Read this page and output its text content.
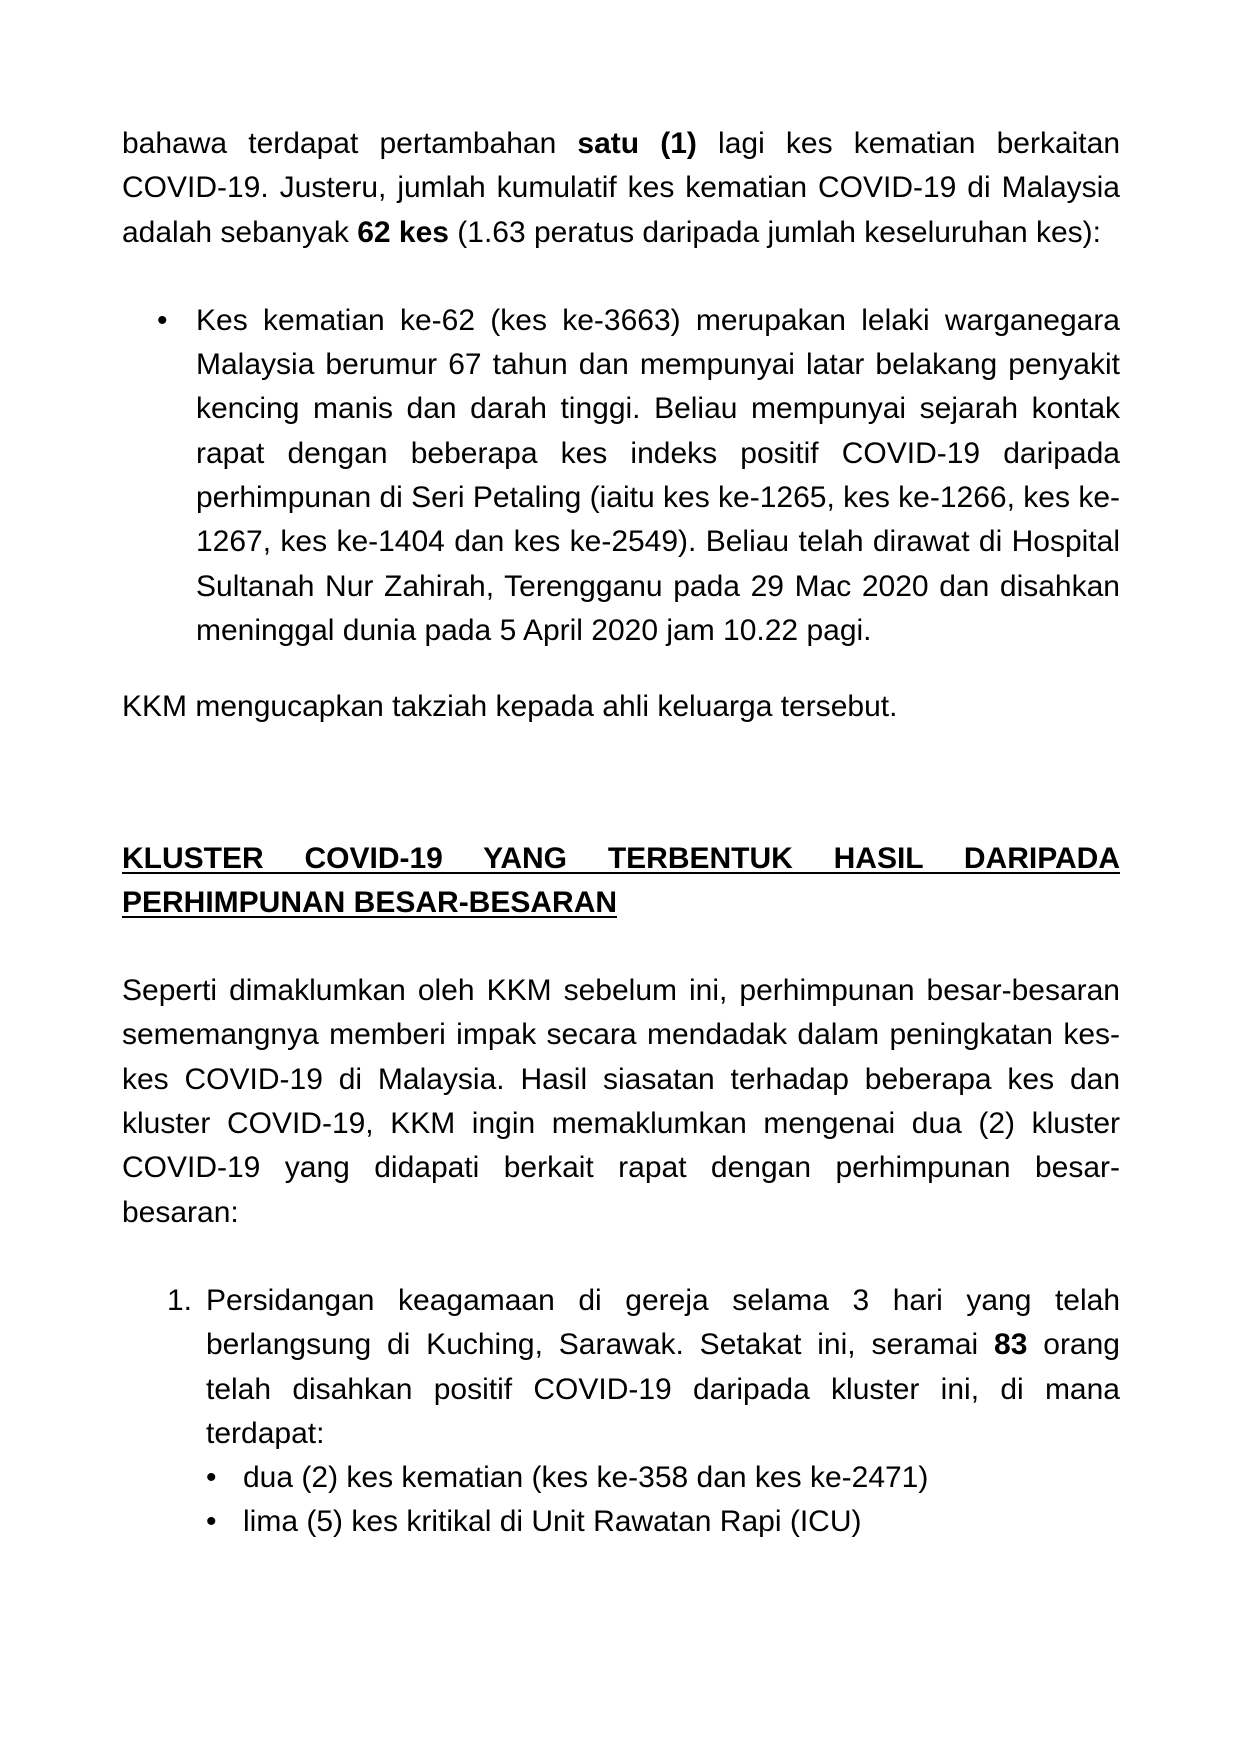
bahawa terdapat pertambahan satu (1) lagi kes kematian berkaitan COVID-19. Justeru, jumlah kumulatif kes kematian COVID-19 di Malaysia adalah sebanyak 62 kes (1.63 peratus daripada jumlah keseluruhan kes):

• Kes kematian ke-62 (kes ke-3663) merupakan lelaki warganegara Malaysia berumur 67 tahun dan mempunyai latar belakang penyakit kencing manis dan darah tinggi. Beliau mempunyai sejarah kontak rapat dengan beberapa kes indeks positif COVID-19 daripada perhimpunan di Seri Petaling (iaitu kes ke-1265, kes ke-1266, kes ke-1267, kes ke-1404 dan kes ke-2549). Beliau telah dirawat di Hospital Sultanah Nur Zahirah, Terengganu pada 29 Mac 2020 dan disahkan meninggal dunia pada 5 April 2020 jam 10.22 pagi.

KKM mengucapkan takziah kepada ahli keluarga tersebut.

KLUSTER COVID-19 YANG TERBENTUK HASIL DARIPADA
PERHIMPUNAN BESAR-BESARAN

Seperti dimaklumkan oleh KKM sebelum ini, perhimpunan besar-besaran sememangnya memberi impak secara mendadak dalam peningkatan kes-kes COVID-19 di Malaysia. Hasil siasatan terhadap beberapa kes dan kluster COVID-19, KKM ingin memaklumkan mengenai dua (2) kluster COVID-19 yang didapati berkait rapat dengan perhimpunan besar-besaran:

1. Persidangan keagamaan di gereja selama 3 hari yang telah berlangsung di Kuching, Sarawak. Setakat ini, seramai 83 orang telah disahkan positif COVID-19 daripada kluster ini, di mana terdapat:
• dua (2) kes kematian (kes ke-358 dan kes ke-2471)
• lima (5) kes kritikal di Unit Rawatan Rapi (ICU)
